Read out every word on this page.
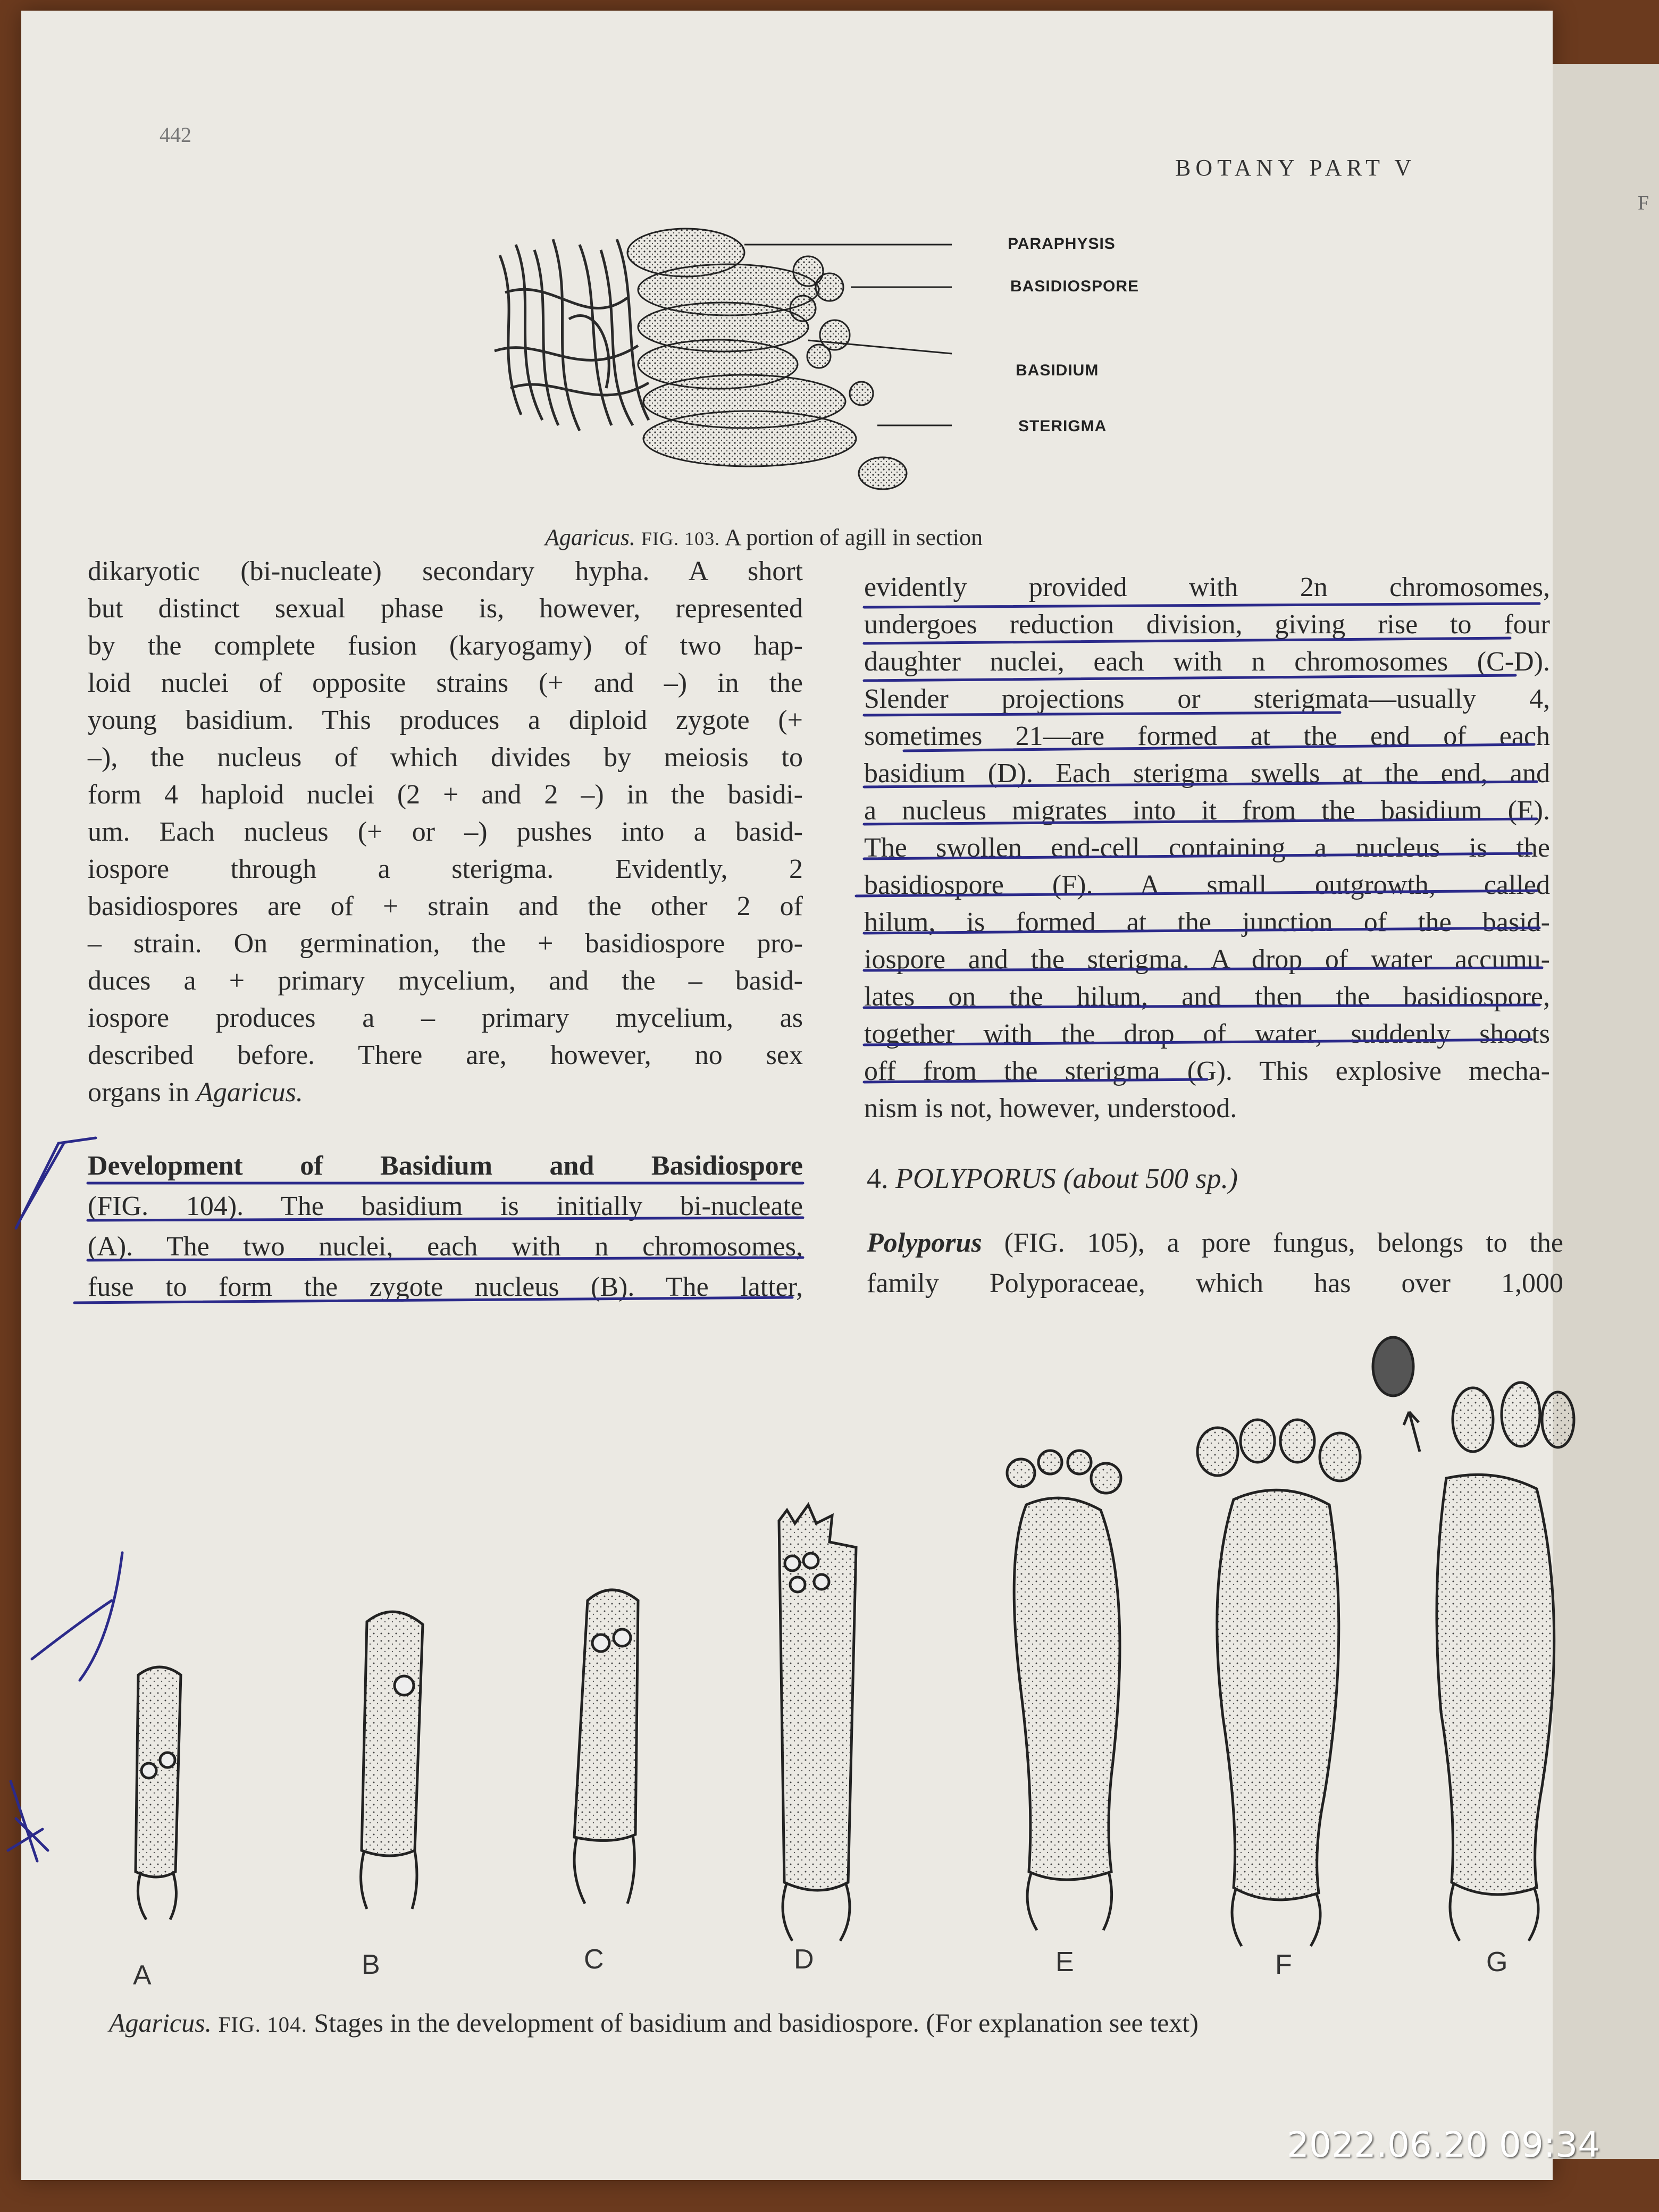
F
442
BOTANY PART V
PARAPHYSIS
BASIDIOSPORE
BASIDIUM
STERIGMA
Agaricus. FIG. 103. A portion of agill in section

dikaryotic (bi-nucleate) secondary hypha. A short

but distinct sexual phase is, however, represented

by the complete fusion (karyogamy) of two hap-

loid nuclei of opposite strains (+ and –) in the

young basidium. This produces a diploid zygote (+

–), the nucleus of which divides by meiosis to

form 4 haploid nuclei (2 + and 2 –) in the basidi-

um. Each nucleus (+ or –) pushes into a basid-

iospore through a sterigma. Evidently, 2

basidiospores are of + strain and the other 2 of

– strain. On germination, the + basidiospore pro-

duces a + primary mycelium, and the – basid-

iospore produces a – primary mycelium, as

described before. There are, however, no sex

organs in Agaricus.

Development of Basidium and Basidiospore

(FIG. 104). The basidium is initially bi-nucleate

(A). The two nuclei, each with n chromosomes,

fuse to form the zygote nucleus (B). The latter,

evidently provided with 2n chromosomes,

undergoes reduction division, giving rise to four

daughter nuclei, each with n chromosomes (C-D).

Slender projections or sterigmata—usually 4,

sometimes 21—are formed at the end of each

basidium (D). Each sterigma swells at the end, and

a nucleus migrates into it from the basidium (E).

The swollen end-cell containing a nucleus is the

basidiospore (F). A small outgrowth, called

hilum, is formed at the junction of the basid-

iospore and the sterigma. A drop of water accumu-

lates on the hilum, and then the basidiospore,

together with the drop of water, suddenly shoots

off from the sterigma (G). This explosive mecha-

nism is not, however, understood.

4. POLYPORUS (about 500 sp.)

Polyporus (FIG. 105), a pore fungus, belongs to the

family Polyporaceae, which has over 1,000

A	B	C	D	E	F	G
Agaricus. FIG. 104. Stages in the development of basidium and basidiospore. (For explanation see text)
2022.06.20 09:34
